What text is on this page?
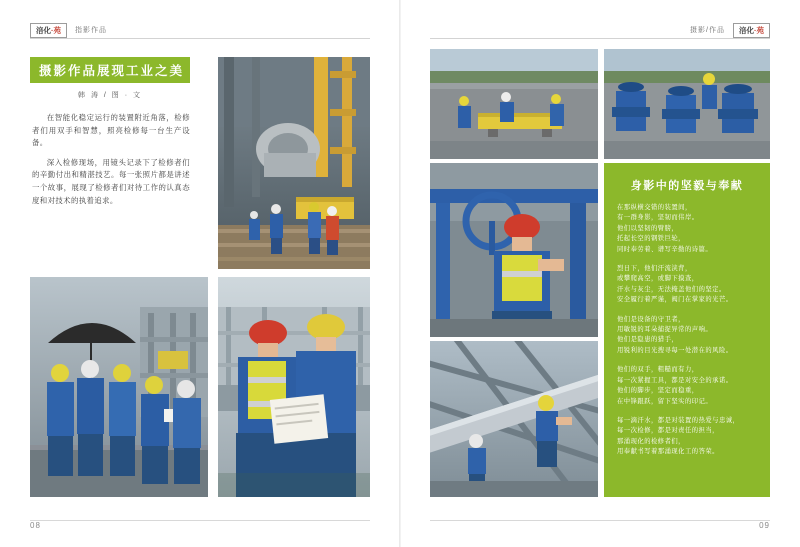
涪化·苑	指影作品	涪化·苑
摄影/作品
摄影作品展现工业之美
韩 涛 / 图 · 文

在智能化稳定运行的装置附近角落，检修者们用双手和智慧，照亮检修每一台生产设备。

深入检修现场，用镜头记录下了检修者们的辛勤付出和精湛技艺。每一张照片都是讲述一个故事，展现了检修者们对待工作的认真态度和对技术的执着追求。

身影中的坚毅与奉献
在那纵横交错的装置间，
有一群身影，坚韧而伟岸。
他们以坚韧的臂膀，
托起长空的钢铁巨轮，
同时奉劳着、谱写辛勤的诗篇。
烈日下，他们汗流浃背，
或攀爬高空，或脚下摸查，
汗水与灰尘，无法掩盖他们的坚定。
安全履行着严谨，阀门在掌家的光芒。
他们是设备的守卫者，
用敏锐的耳朵捕捉异常的声响。
他们是隐患的猎手，
用锐利的目光搜寻每一处潜在的风险。
他们的双手，粗糙而有力，
每一次紧握工具，都是对安全的承诺。
他们的脚步，坚定而稳重，
在中锋跟跃，留下坚实的印记。
每一滴汗水，都是对装置的热爱与忠诚，
每一次检修，都是对责任的担当，
那涌现化的检修者们，
用奉献书写着那涌现化工的答荣。
08	09
